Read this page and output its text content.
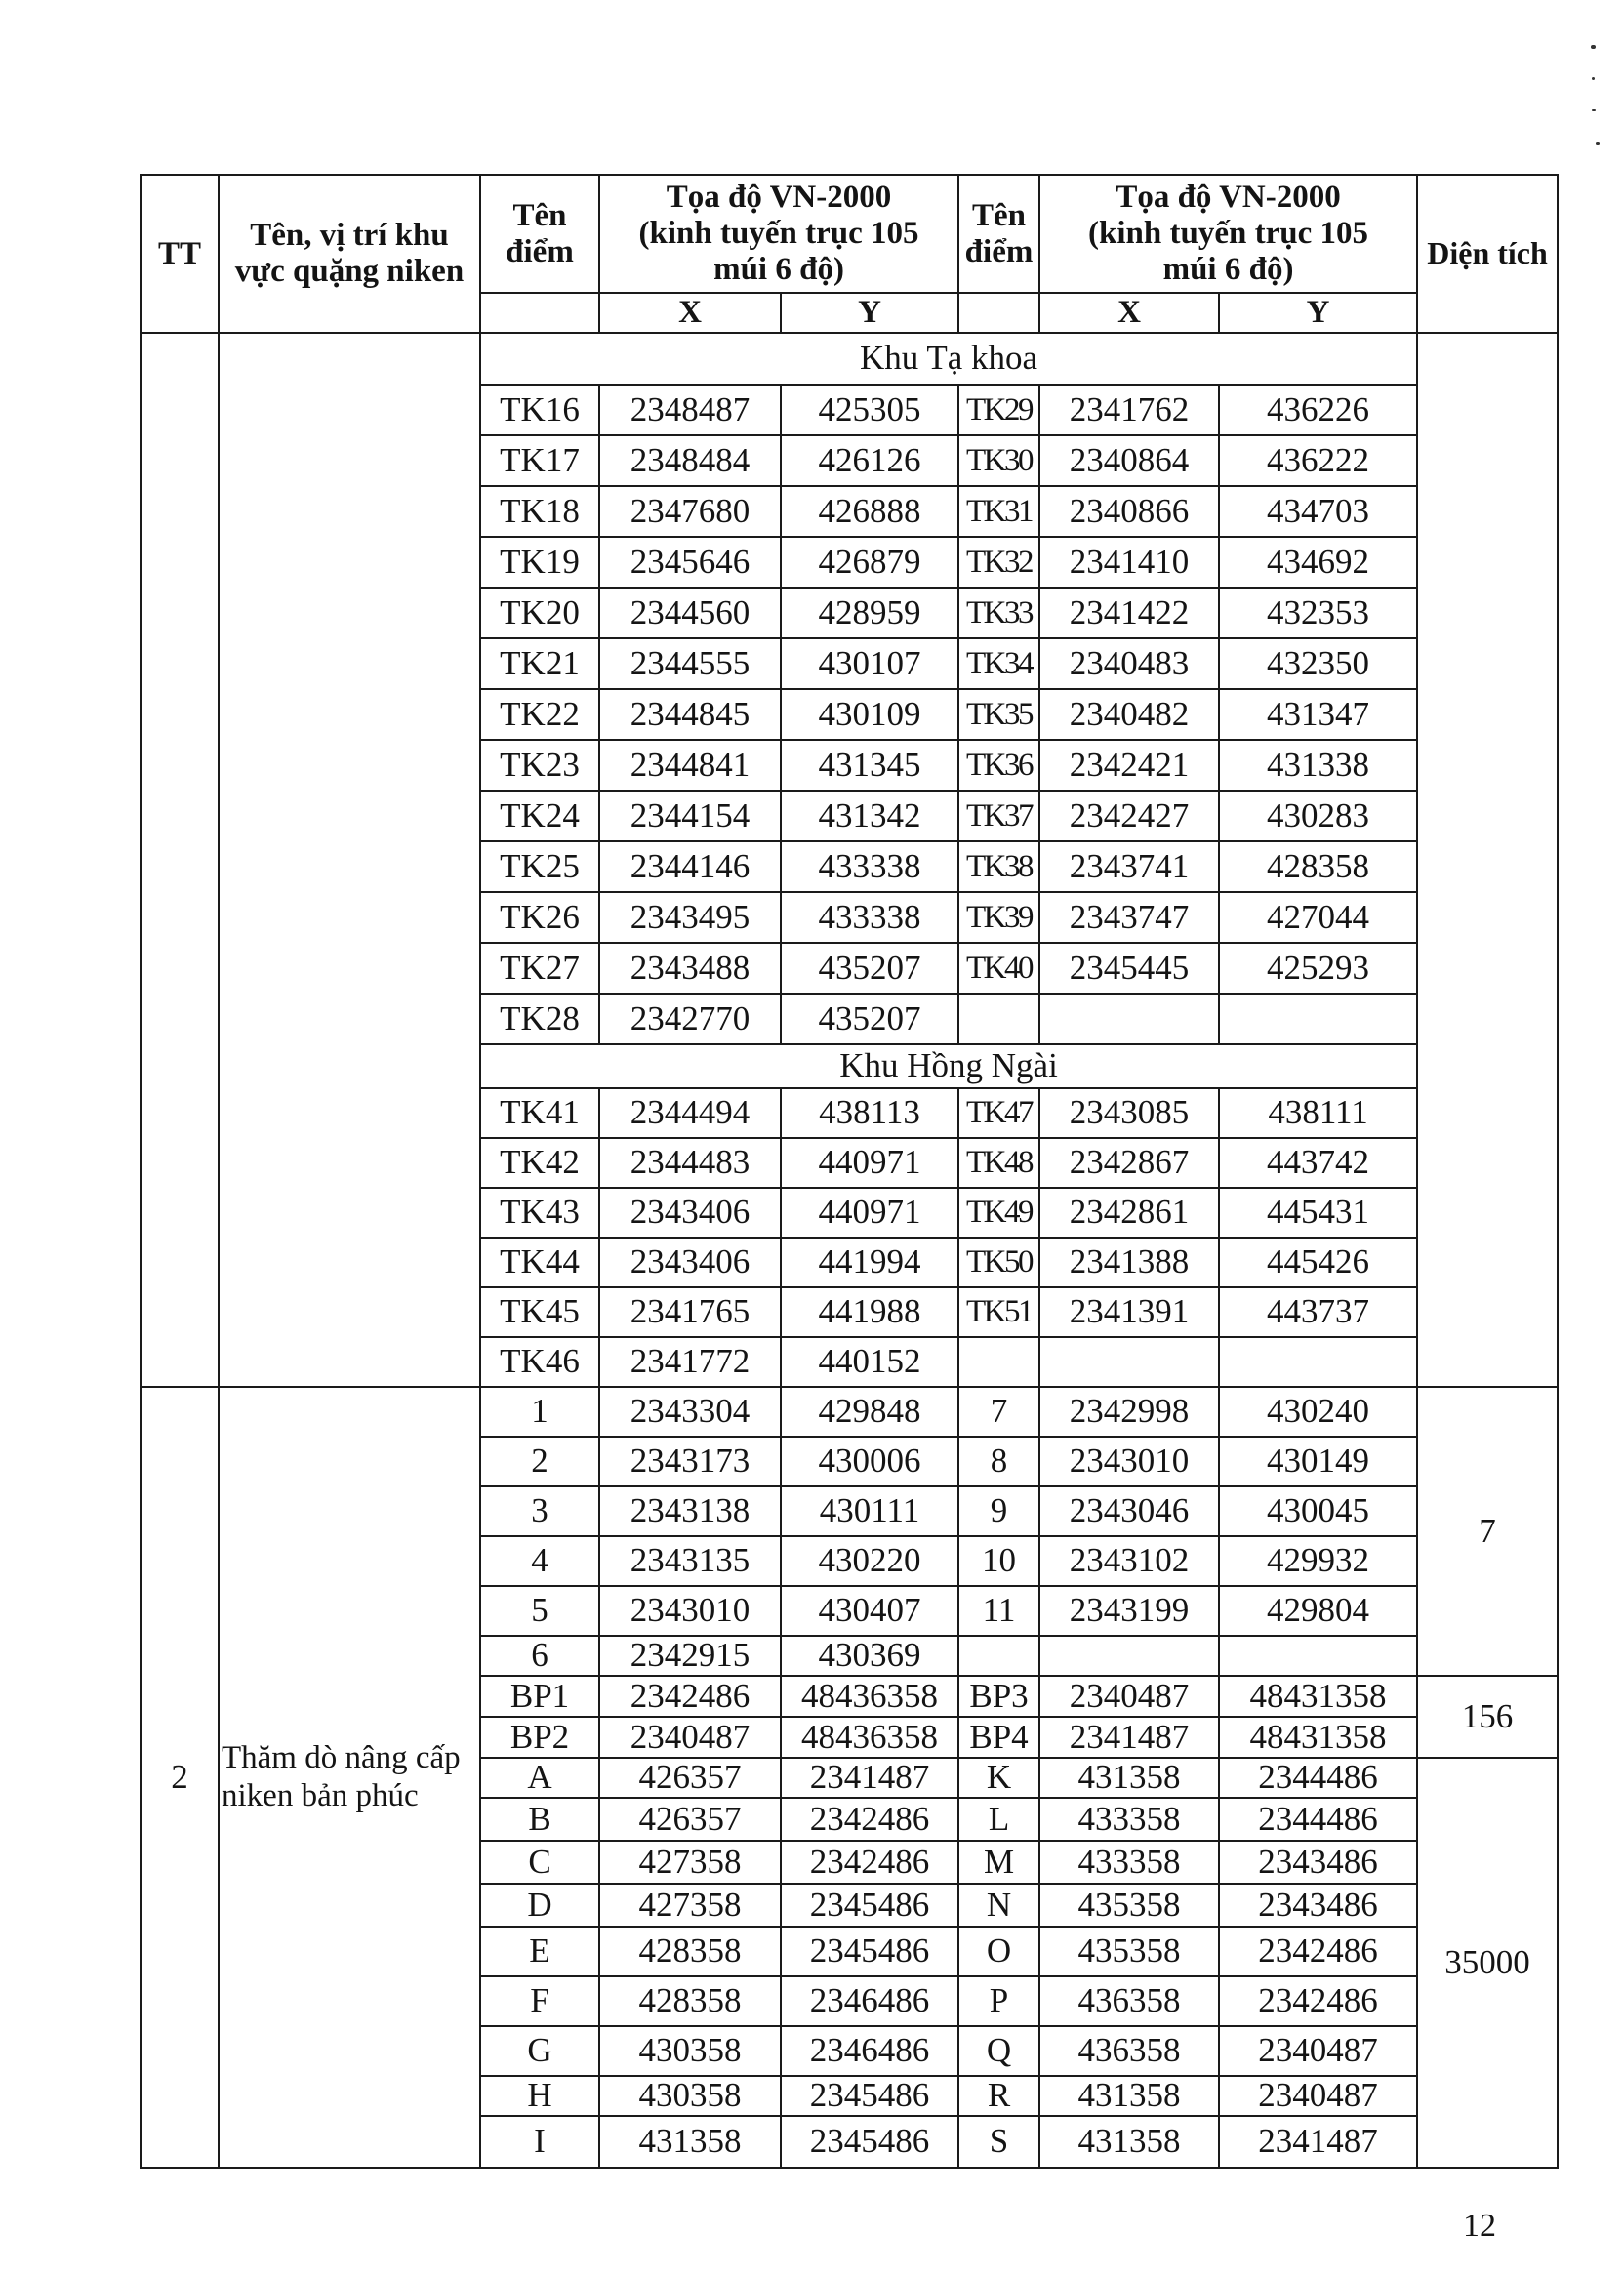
TT	Tên, vị trí khu
vực quặng niken	Tên
điểm	Tọa độ VN-2000
(kinh tuyến trục 105
múi 6 độ)		Tên
điểm	Tọa độ VN-2000
(kinh tuyến trục 105
múi 6 độ)		Diện tích
			X	Y		X	Y	
		Khu Tạ khoa						
		TK16	2348487	425305	TK29	2341762	436226	
		TK17	2348484	426126	TK30	2340864	436222	
		TK18	2347680	426888	TK31	2340866	434703	
		TK19	2345646	426879	TK32	2341410	434692	
		TK20	2344560	428959	TK33	2341422	432353	
		TK21	2344555	430107	TK34	2340483	432350	
		TK22	2344845	430109	TK35	2340482	431347	
		TK23	2344841	431345	TK36	2342421	431338	
		TK24	2344154	431342	TK37	2342427	430283	
		TK25	2344146	433338	TK38	2343741	428358	
		TK26	2343495	433338	TK39	2343747	427044	
		TK27	2343488	435207	TK40	2345445	425293	
		TK28	2342770	435207				
		Khu Hồng Ngài						
		TK41	2344494	438113	TK47	2343085	438111	
		TK42	2344483	440971	TK48	2342867	443742	
		TK43	2343406	440971	TK49	2342861	445431	
		TK44	2343406	441994	TK50	2341388	445426	
		TK45	2341765	441988	TK51	2341391	443737	
		TK46	2341772	440152				
2	Thăm dò nâng cấp
niken bản phúc	1	2343304	429848	7	2342998	430240	7
		2	2343173	430006	8	2343010	430149	
		3	2343138	430111	9	2343046	430045	
		4	2343135	430220	10	2343102	429932	
		5	2343010	430407	11	2343199	429804	
		6	2342915	430369				
		BP1	2342486	48436358	BP3	2340487	48431358	156
		BP2	2340487	48436358	BP4	2341487	48431358	
		A	426357	2341487	K	431358	2344486	35000
		B	426357	2342486	L	433358	2344486	
		C	427358	2342486	M	433358	2343486	
		D	427358	2345486	N	435358	2343486	
		E	428358	2345486	O	435358	2342486	
		F	428358	2346486	P	436358	2342486	
		G	430358	2346486	Q	436358	2340487	
		H	430358	2345486	R	431358	2340487	
		I	431358	2345486	S	431358	2341487	
12
